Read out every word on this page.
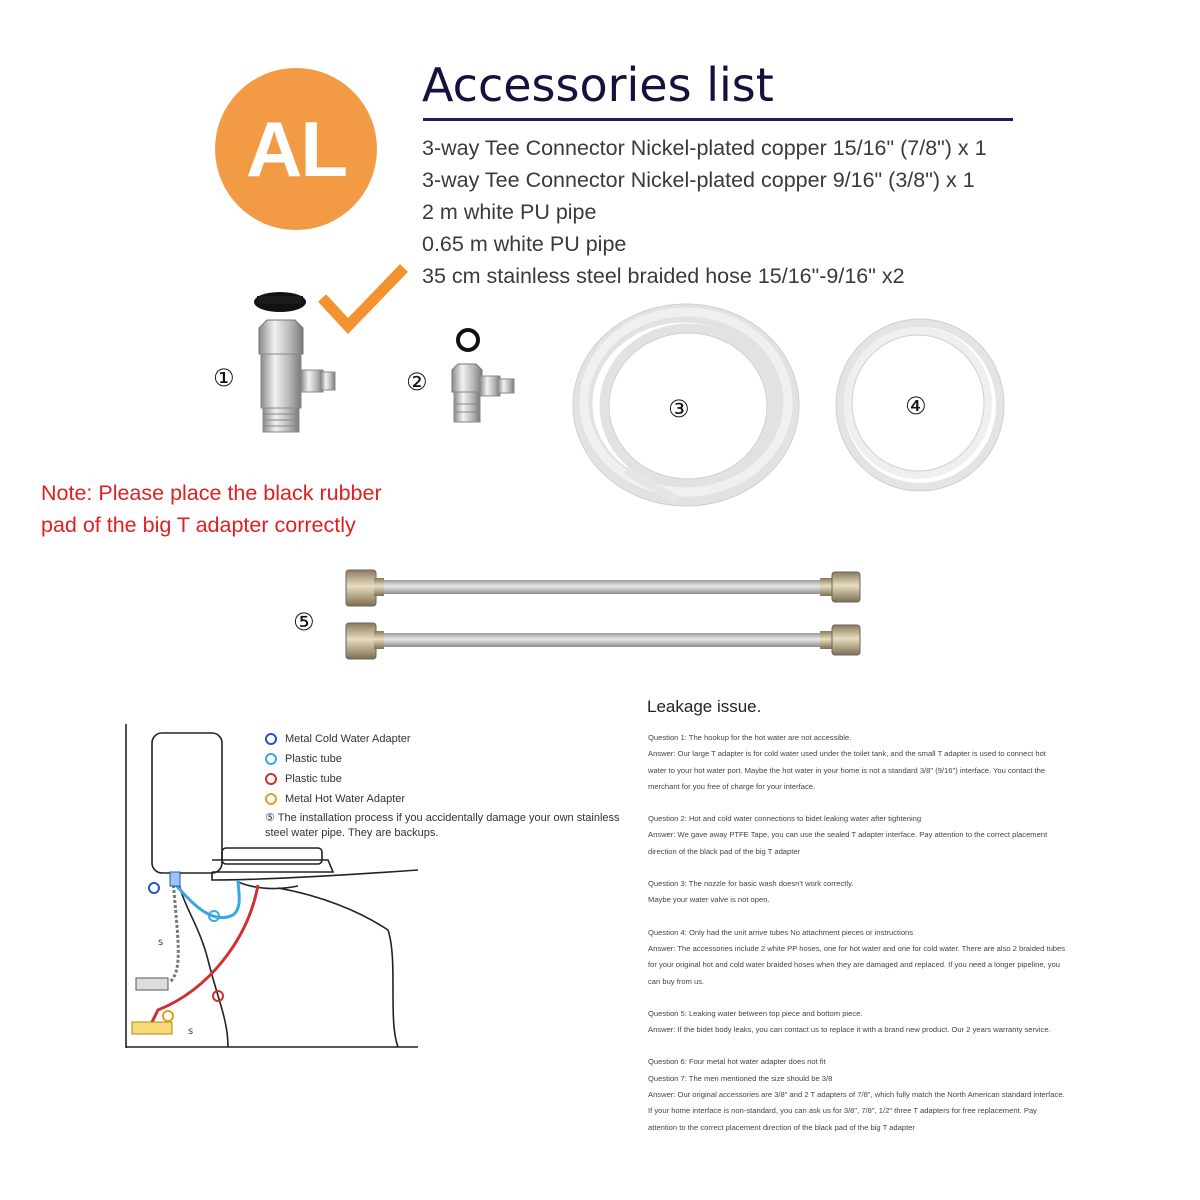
AL
Accessories list
3-way Tee Connector Nickel-plated copper 15/16" (7/8") x 1
3-way Tee Connector Nickel-plated copper 9/16" (3/8") x 1
2 m white PU pipe
0.65 m white PU pipe
35 cm stainless steel braided hose 15/16"-9/16" x2
①	②
③	④

Note: Please place the black rubber

pad of the big T adapter correctly

⑤
s
s
Metal Cold Water Adapter
Plastic tube
Plastic tube
Metal Hot Water Adapter
⑤ The installation process if you accidentally damage your own stainless steel water pipe. They are backups.
Leakage issue.

Question 1: The hookup for the hot water are not accessible.

Answer: Our large T adapter is for cold water used under the toilet tank, and the small T adapter is used to connect hot

water to your hot water port. Maybe the hot water in your home is not a standard 3/8" (9/16") interface. You contact the

merchant for you free of charge for your interface.

Question 2: Hot and cold water connections to bidet leaking water after tightening

Answer: We gave away PTFE Tape, you can use the sealed T adapter interface. Pay attention to the correct placement

direction of the black pad of the big T adapter

Question 3: The nozzle for basic wash doesn't work correctly.

Maybe your water valve is not open.

Question 4: Only had the unit arrive tubes No attachment pieces or instructions

Answer: The accessories include 2 white PP hoses, one for hot water and one for cold water. There are also 2 braided tubes

for your original hot and cold water braided hoses when they are damaged and replaced. If you need a longer pipeline, you

can buy from us.

Question 5: Leaking water between top piece and bottom piece.

Answer: If the bidet body leaks, you can contact us to replace it with a brand new product. Our 2 years warranty service.

Question 6: Four metal hot water adapter does not fit

Question 7: The men mentioned the size should be 3/8

Answer: Our original accessories are 3/8" and 2 T adapters of 7/8", which fully match the North American standard interface.

If your home interface is non-standard, you can ask us for 3/8", 7/8", 1/2" three T adapters for free replacement. Pay

attention to the correct placement direction of the black pad of the big T adapter
